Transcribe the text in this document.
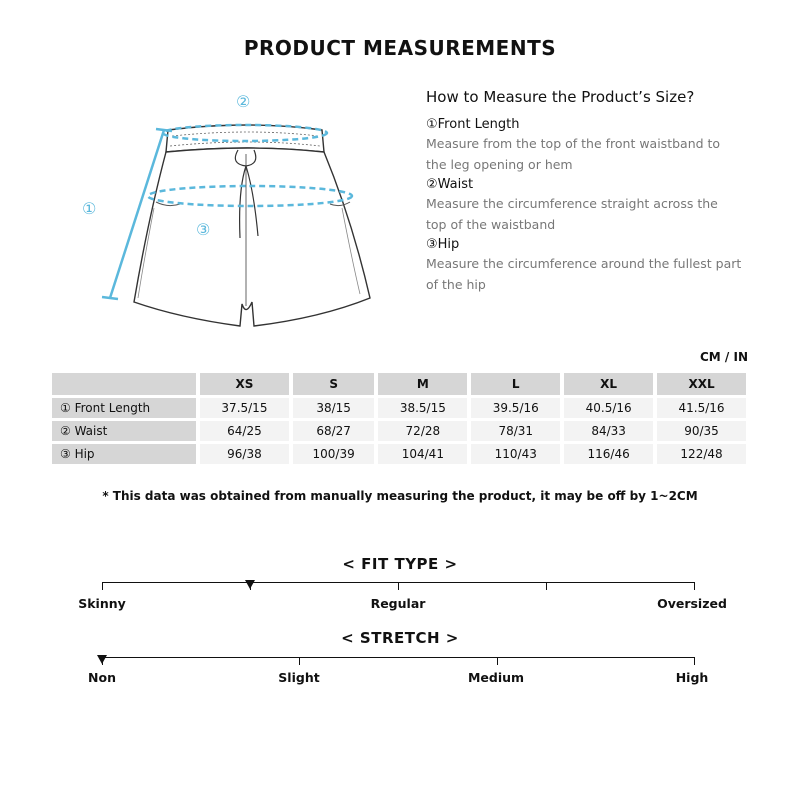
PRODUCT MEASUREMENTS
①
②
③
How to Measure the Product’s Size?
①Front Length
Measure from the top of the front waistband to
the leg opening or hem
②Waist
Measure the circumference straight across the
top of the waistband
③Hip
Measure the circumference around the fullest part
of the hip
CM / IN
	XS	S	M	L	XL	XXL
① Front Length	37.5/15	38/15	38.5/15	39.5/16	40.5/16	41.5/16
② Waist	64/25	68/27	72/28	78/31	84/33	90/35
③ Hip	96/38	100/39	104/41	110/43	116/46	122/48
* This data was obtained from manually measuring the product, it may be off by 1~2CM
< FIT TYPE >
Skinny	Regular	Oversized
< STRETCH >
Non	Slight	Medium	High
